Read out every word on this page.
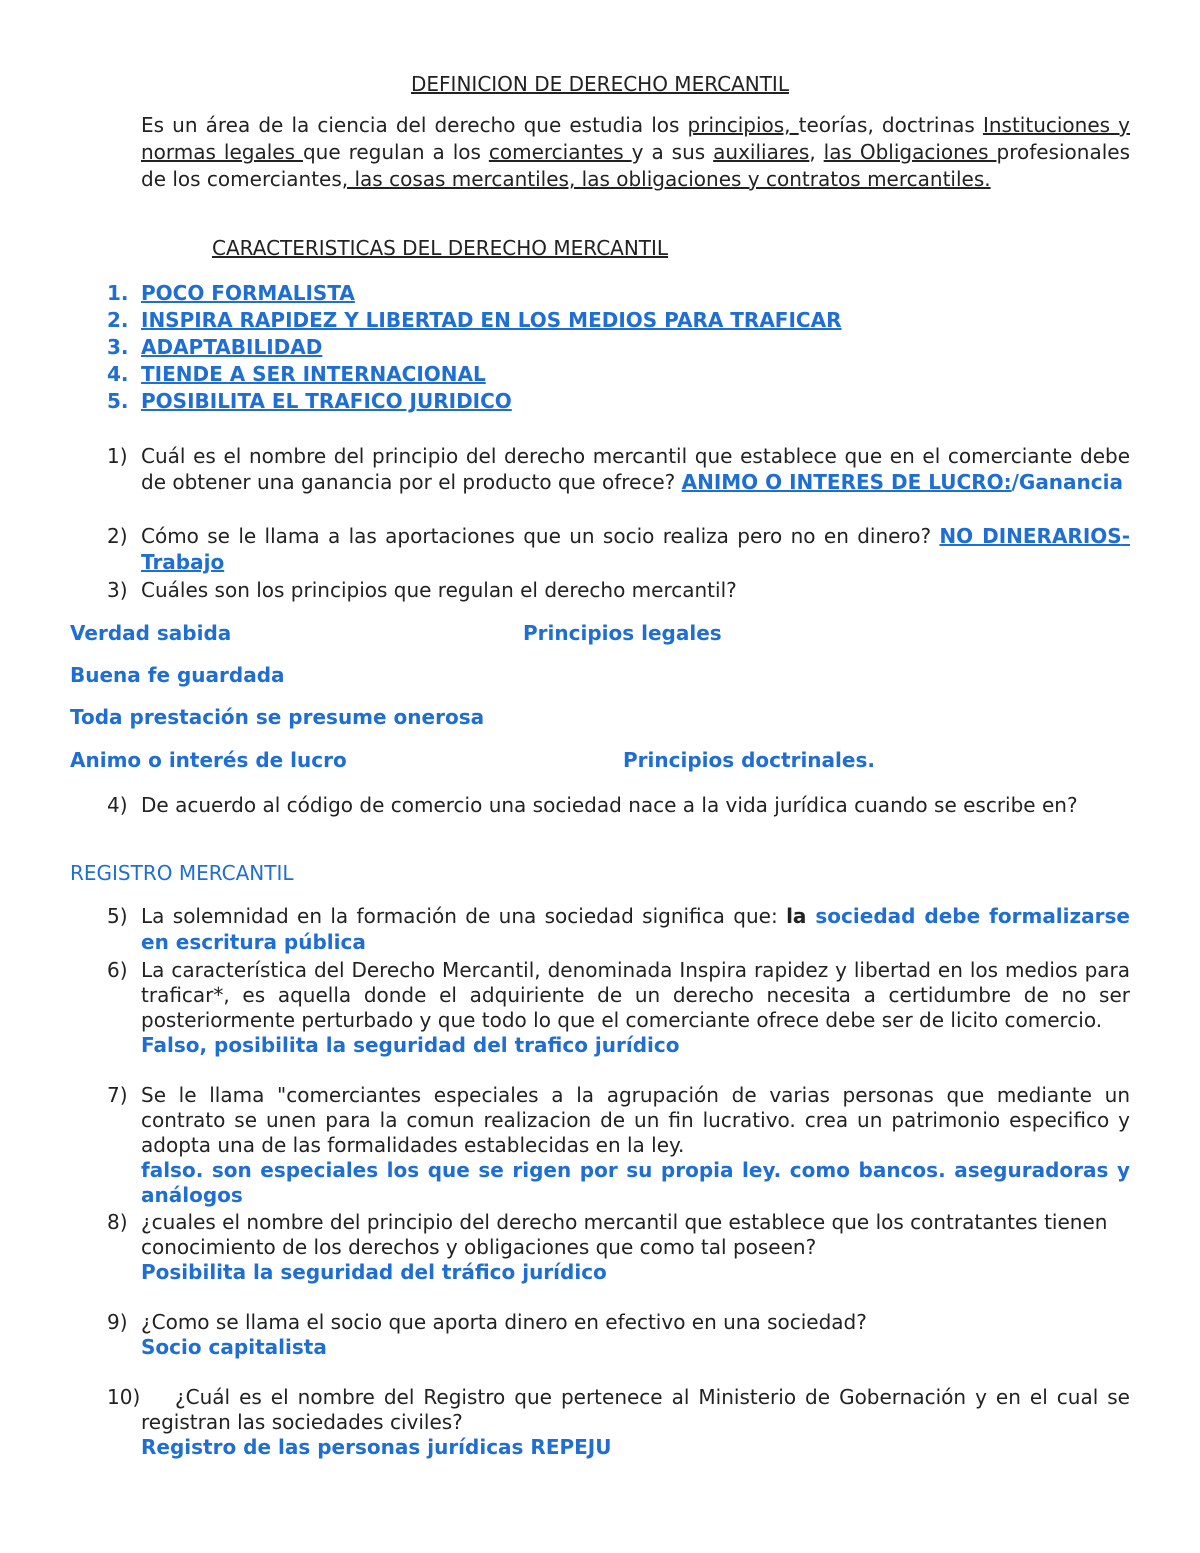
DEFINICION DE DERECHO MERCANTIL
Es un área de la ciencia del derecho que estudia los principios, teorías, doctrinas Instituciones y normas legales que regulan a los comerciantes y a sus auxiliares, las Obligaciones profesionales de los comerciantes, las cosas mercantiles, las obligaciones y contratos mercantiles.
CARACTERISTICAS DEL DERECHO MERCANTIL
1. POCO FORMALISTA
2. INSPIRA RAPIDEZ Y LIBERTAD EN LOS MEDIOS PARA TRAFICAR
3. ADAPTABILIDAD
4. TIENDE A SER INTERNACIONAL
5. POSIBILITA EL TRAFICO JURIDICO
1) Cuál es el nombre del principio del derecho mercantil que establece que en el comerciante debe de obtener una ganancia por el producto que ofrece? ANIMO O INTERES DE LUCRO:/Ganancia
2) Cómo se le llama a las aportaciones que un socio realiza pero no en dinero? NO DINERARIOS- Trabajo
3) Cuáles son los principios que regulan el derecho mercantil?
Verdad sabida	Principios legales
Buena fe guardada
Toda prestación se presume onerosa
Animo o interés de lucro	Principios doctrinales.
4) De acuerdo al código de comercio una sociedad nace a la vida jurídica cuando se escribe en?
REGISTRO MERCANTIL
5) La solemnidad en la formación de una sociedad significa que: la sociedad debe formalizarse en escritura pública
6) La característica del Derecho Mercantil, denominada Inspira rapidez y libertad en los medios para traficar*, es aquella donde el adquiriente de un derecho necesita a certidumbre de no ser posteriormente perturbado y que todo lo que el comerciante ofrece debe ser de licito comercio.
Falso, posibilita la seguridad del trafico jurídico
7) Se le llama "comerciantes especiales a la agrupación de varias personas que mediante un contrato se unen para la comun realizacion de un fin lucrativo. crea un patrimonio especifico y adopta una de las formalidades establecidas en la ley.
falso. son especiales los que se rigen por su propia ley. como bancos. aseguradoras y análogos
8) ¿cuales el nombre del principio del derecho mercantil que establece que los contratantes tienen conocimiento de los derechos y obligaciones que como tal poseen?
Posibilita la seguridad del tráfico jurídico
9) ¿Como se llama el socio que aporta dinero en efectivo en una sociedad?
Socio capitalista
10)	¿Cuál es el nombre del Registro que pertenece al Ministerio de Gobernación y en el cual se registran las sociedades civiles?
Registro de las personas jurídicas REPEJU
